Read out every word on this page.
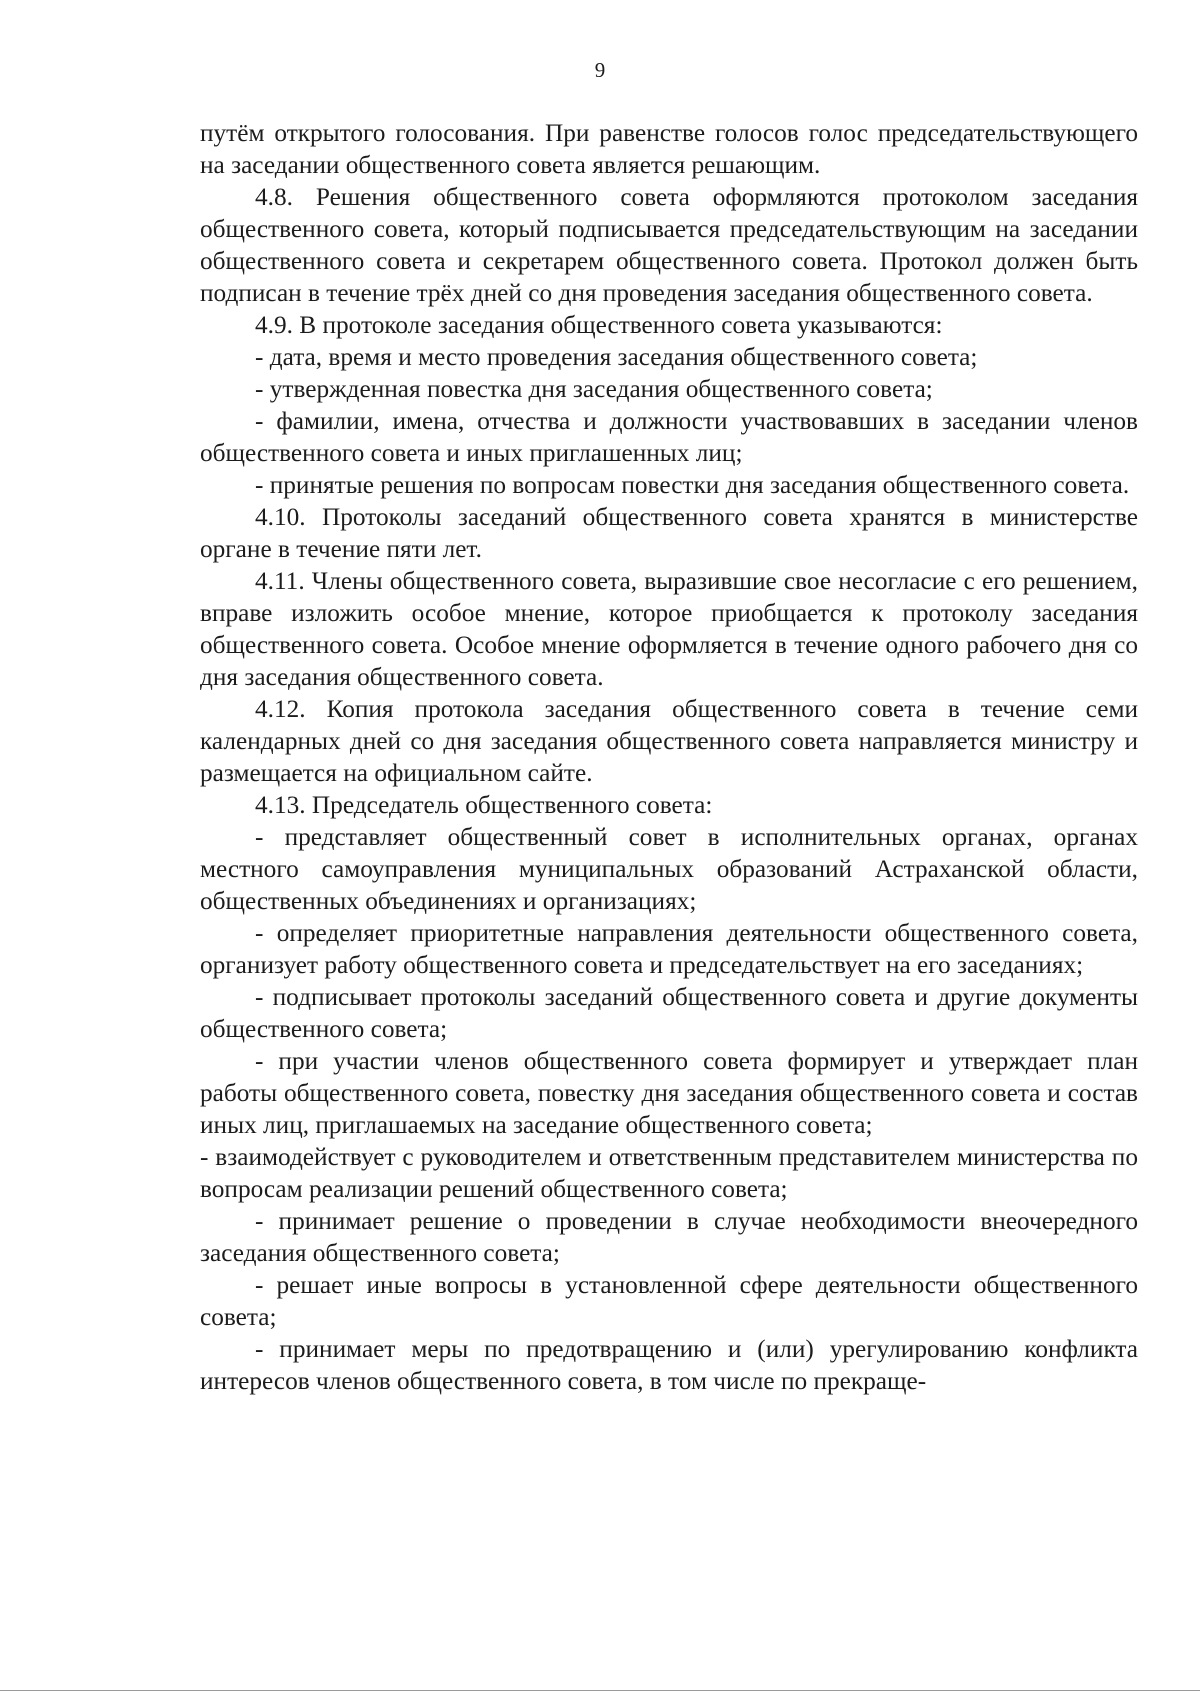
9

путём открытого голосования. При равенстве голосов голос председательствующего на заседании общественного совета является решающим.

4.8. Решения общественного совета оформляются протоколом заседания общественного совета, который подписывается председательствующим на заседании общественного совета и секретарем общественного совета. Протокол должен быть подписан в течение трёх дней со дня проведения заседания общественного совета.

4.9. В протоколе заседания общественного совета указываются:

- дата, время и место проведения заседания общественного совета;

- утвержденная повестка дня заседания общественного совета;

- фамилии, имена, отчества и должности участвовавших в заседании членов общественного совета и иных приглашенных лиц;

- принятые решения по вопросам повестки дня заседания общественного совета.

4.10. Протоколы заседаний общественного совета хранятся в министерстве органе в течение пяти лет.

4.11. Члены общественного совета, выразившие свое несогласие с его решением, вправе изложить особое мнение, которое приобщается к протоколу заседания общественного совета. Особое мнение оформляется в течение одного рабочего дня со дня заседания общественного совета.

4.12. Копия протокола заседания общественного совета в течение семи календарных дней со дня заседания общественного совета направляется министру и размещается на официальном сайте.

4.13. Председатель общественного совета:

- представляет общественный совет в исполнительных органах, органах местного самоуправления муниципальных образований Астраханской области, общественных объединениях и организациях;

- определяет приоритетные направления деятельности общественного совета, организует работу общественного совета и председательствует на его заседаниях;

- подписывает протоколы заседаний общественного совета и другие документы общественного совета;

- при участии членов общественного совета формирует и утверждает план работы общественного совета, повестку дня заседания общественного совета и состав иных лиц, приглашаемых на заседание общественного совета;

- взаимодействует с руководителем и ответственным представителем министерства по вопросам реализации решений общественного совета;

- принимает решение о проведении в случае необходимости внеочередного заседания общественного совета;

- решает иные вопросы в установленной сфере деятельности общественного совета;

- принимает меры по предотвращению и (или) урегулированию конфликта интересов членов общественного совета, в том числе по прекраще-
